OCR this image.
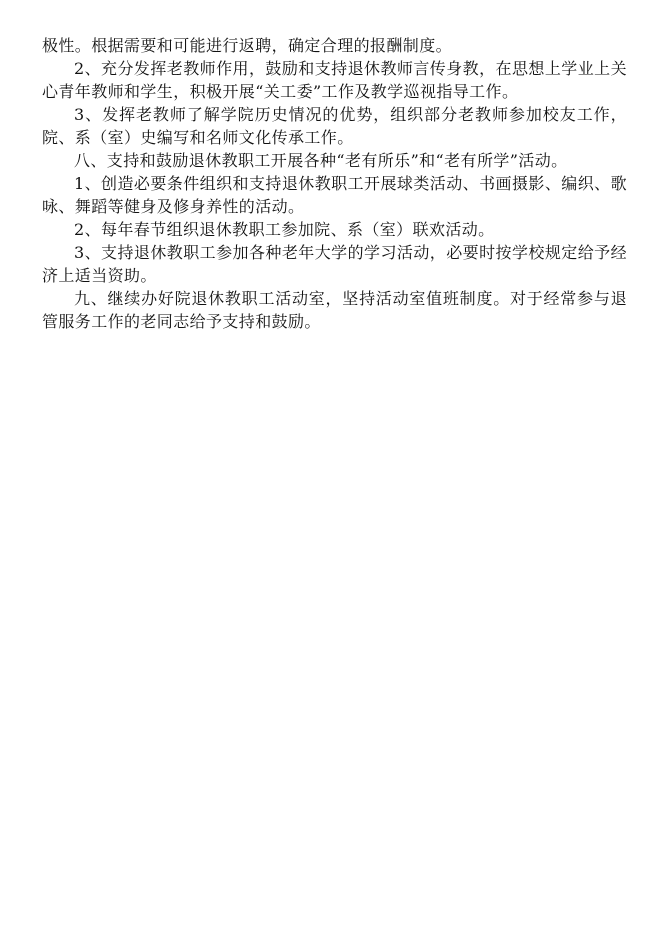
极性。根据需要和可能进行返聘，确定合理的报酬制度。

2、充分发挥老教师作用，鼓励和支持退休教师言传身教，在思想上学业上关心青年教师和学生，积极开展“关工委”工作及教学巡视指导工作。

3、发挥老教师了解学院历史情况的优势，组织部分老教师参加校友工作，院、系（室）史编写和名师文化传承工作。

八、支持和鼓励退休教职工开展各种“老有所乐”和“老有所学”活动。

1、创造必要条件组织和支持退休教职工开展球类活动、书画摄影、编织、歌咏、舞蹈等健身及修身养性的活动。

2、每年春节组织退休教职工参加院、系（室）联欢活动。

3、支持退休教职工参加各种老年大学的学习活动，必要时按学校规定给予经济上适当资助。

九、继续办好院退休教职工活动室，坚持活动室值班制度。对于经常参与退管服务工作的老同志给予支持和鼓励。
